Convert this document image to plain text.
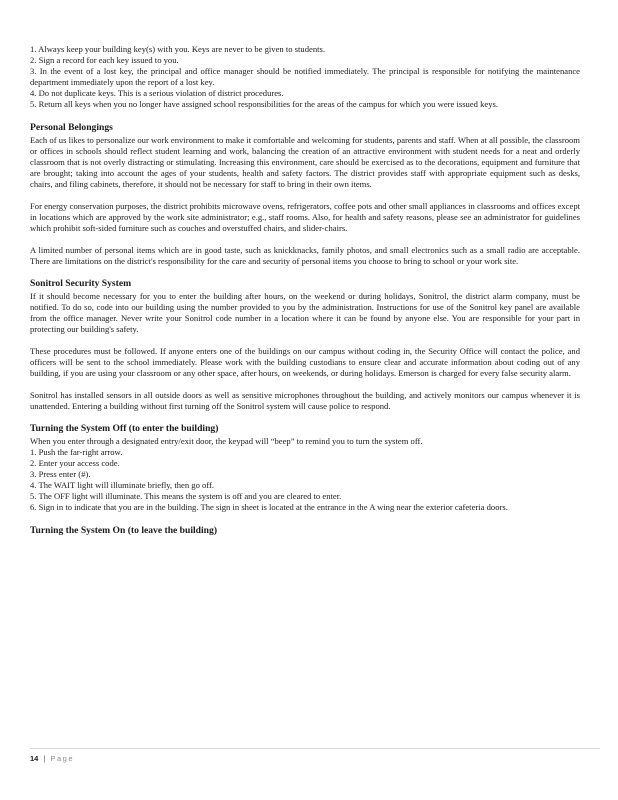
1. Always keep your building key(s) with you. Keys are never to be given to students.

2. Sign a record for each key issued to you.

3. In the event of a lost key, the principal and office manager should be notified immediately. The principal is responsible for notifying the maintenance department immediately upon the report of a lost key.

4. Do not duplicate keys. This is a serious violation of district procedures.

5. Return all keys when you no longer have assigned school responsibilities for the areas of the campus for which you were issued keys.

Personal Belongings

Each of us likes to personalize our work environment to make it comfortable and welcoming for students, parents and staff. When at all possible, the classroom or offices in schools should reflect student learning and work, balancing the creation of an attractive environment with student needs for a neat and orderly classroom that is not overly distracting or stimulating. Increasing this environment, care should be exercised as to the decorations, equipment and furniture that are brought; taking into account the ages of your students, health and safety factors. The district provides staff with appropriate equipment such as desks, chairs, and filing cabinets, therefore, it should not be necessary for staff to bring in their own items.

For energy conservation purposes, the district prohibits microwave ovens, refrigerators, coffee pots and other small appliances in classrooms and offices except in locations which are approved by the work site administrator; e.g., staff rooms. Also, for health and safety reasons, please see an administrator for guidelines which prohibit soft-sided furniture such as couches and overstuffed chairs, and slider-chairs.

A limited number of personal items which are in good taste, such as knickknacks, family photos, and small electronics such as a small radio are acceptable. There are limitations on the district's responsibility for the care and security of personal items you choose to bring to school or your work site.

Sonitrol Security System

If it should become necessary for you to enter the building after hours, on the weekend or during holidays, Sonitrol, the district alarm company, must be notified. To do so, code into our building using the number provided to you by the administration. Instructions for use of the Sonitrol key panel are available from the office manager. Never write your Sonitrol code number in a location where it can be found by anyone else. You are responsible for your part in protecting our building's safety.

These procedures must be followed. If anyone enters one of the buildings on our campus without coding in, the Security Office will contact the police, and officers will be sent to the school immediately. Please work with the building custodians to ensure clear and accurate information about coding out of any building, if you are using your classroom or any other space, after hours, on weekends, or during holidays. Emerson is charged for every false security alarm.

Sonitrol has installed sensors in all outside doors as well as sensitive microphones throughout the building, and actively monitors our campus whenever it is unattended. Entering a building without first turning off the Sonitrol system will cause police to respond.

Turning the System Off (to enter the building)

When you enter through a designated entry/exit door, the keypad will “beep” to remind you to turn the system off.

1. Push the far-right arrow.

2. Enter your access code.

3. Press enter (#).

4. The WAIT light will illuminate briefly, then go off.

5. The OFF light will illuminate. This means the system is off and you are cleared to enter.

6. Sign in to indicate that you are in the building. The sign in sheet is located at the entrance in the A wing near the exterior cafeteria doors.

Turning the System On (to leave the building)
14 | Page
